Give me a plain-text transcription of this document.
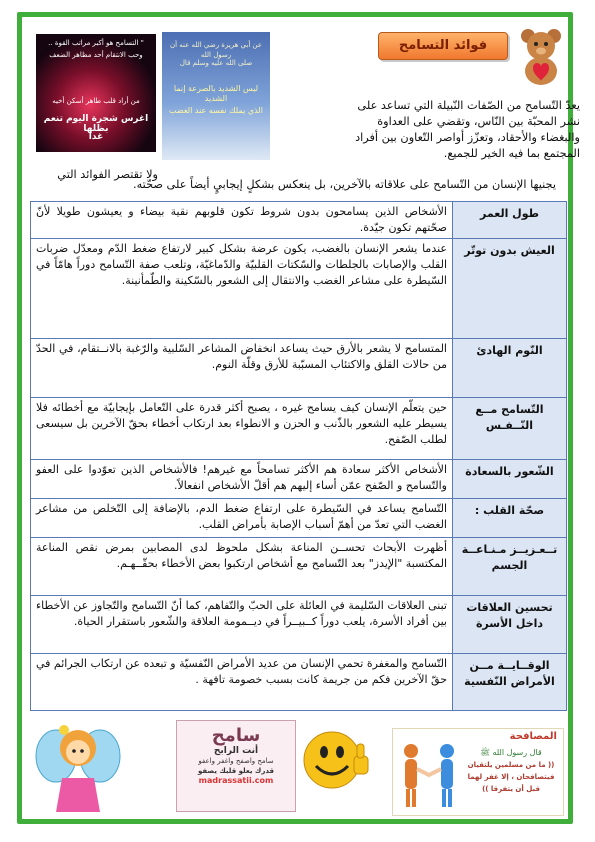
فوائد التسامح
" التسامح هو أكبر مراتب القوة ..
وحب الانتقام أحد مظاهر الضعف
من أراد قلب طاهر أسكن أخيه
اغرس شجرة اليوم تنعم بظلها
غدا
عن أبي هريرة رضي الله عنه أن رسول الله
صلى الله عليه وسلم قال
ليس الشديد بالصرعة إنما الشديد
الذي يملك نفسه عند الغضب	يعدّ التّسامح من الصّفات النّبيلة التي تساعد على
نشر المحبّة بين النّاس، وتقضي على العداوة
والبغضاء والأحقاد، وتعزّز أواصر التّعاون بين أفراد
المجتمع بما فيه الخير للجميع.
ولا تقتصر الفوائد التي
يجنيها الإنسان من التّسامح على علاقاته بالآخرين، بل ينعكس بشكلٍ إيجابيٍ أيضاً على صحّته.
طول العمر	الأشخاص الذين يسامحون بدون شروط تكون قلوبهم نقية بيضاء و يعيشون طويلا لأنّ صحّتهم تكون جيّدة.
العيش بدون توتّر	عندما يشعر الإنسان بالغضب، يكون عرضة بشكل كبير لارتفاع ضغط الدّم ومعدّل ضربات القلب والإصابات بالجلطات والسّكتات القلبيّة والدّماغيّة، وتلعب صفة التّسامح دوراً هامّاً في السّيطرة على مشاعر الغضب والانتقال إلى الشعور بالسّكينة والطّمأنينة.
النّوم الهادئ	المتسامح لا يشعر بالأرق حيث يساعد انخفاض المشاعر السّلبية والرّغبة بالانــتقام، في الحدّ من حالات القلق والاكتئاب المسبّبة للأرق وقلّة النوم.
التّسامح مــع النّــفـس	حين يتعلّم الإنسان كيف يسامح غيره ، يصبح أكثر قدرة على التّعامل بإيجابيّة مع أخطائه فلا يسيطر عليه الشعور بالذّنب و الحزن و الانطواء بعد ارتكاب أخطاء بحقّ الآخرين بل سيسعى لطلب الصّفح.
الشّعور بالسعادة	الأشخاص الأكثر سعادة هم الأكثر تسامحاً مع غيرهم! فالأشخاص الذين تعوّدوا على العفو والتّسامح و الصّفح عمّن أساء إليهم هم أقلّ الأشخاص انفعالاً.
صحّة القلب :	التّسامح يساعد في السّيطرة على ارتفاع ضغط الدم، بالإضافة إلى التّخلص من مشاعر الغضب التي تعدّ من أهمّ أسباب الإصابة بأمراض القلب.
تــعـزيــز مـنـاعــة الجسم	أظهرت الأبحاث تحســن المناعة بشكل ملحوظ لدى المصابين بمرض نقص المناعة المكتسبة "الإيدز" بعد التّسامح مع أشخاص ارتكبوا بعض الأخطاء بحقّــهـم.
تحسين العلاقات داخل الأسرة	تبنى العلاقات السّليمة في العائلة على الحبّ والتّفاهم، كما أنّ التّسامح والتّجاوز عن الأخطاء بين أفراد الأسرة، يلعب دوراً كــبيــراً في ديــمومة العلاقة والشّعور باستقرار الحياة.
الوقــايــة مــن الأمراض النّفسية	التّسامح والمغفرة تحمي الإنسان من عديد الأمراض النّفسيّة و تبعده عن ارتكاب الجرائم في حقّ الآخرين فكم من جريمة كانت بسبب خصومة تافهة .
سامح
أنت الرابح
سامح واصفح واغفر واعفو
قدرك يعلو قلبك يصفو
madrassatii.com
المصافحة
قال رسول الله ﷺ
(( ما من مسلمين يلتقيان
فيتصافحان ، إلا غفر لهما
قبل أن يتفرقا ))
